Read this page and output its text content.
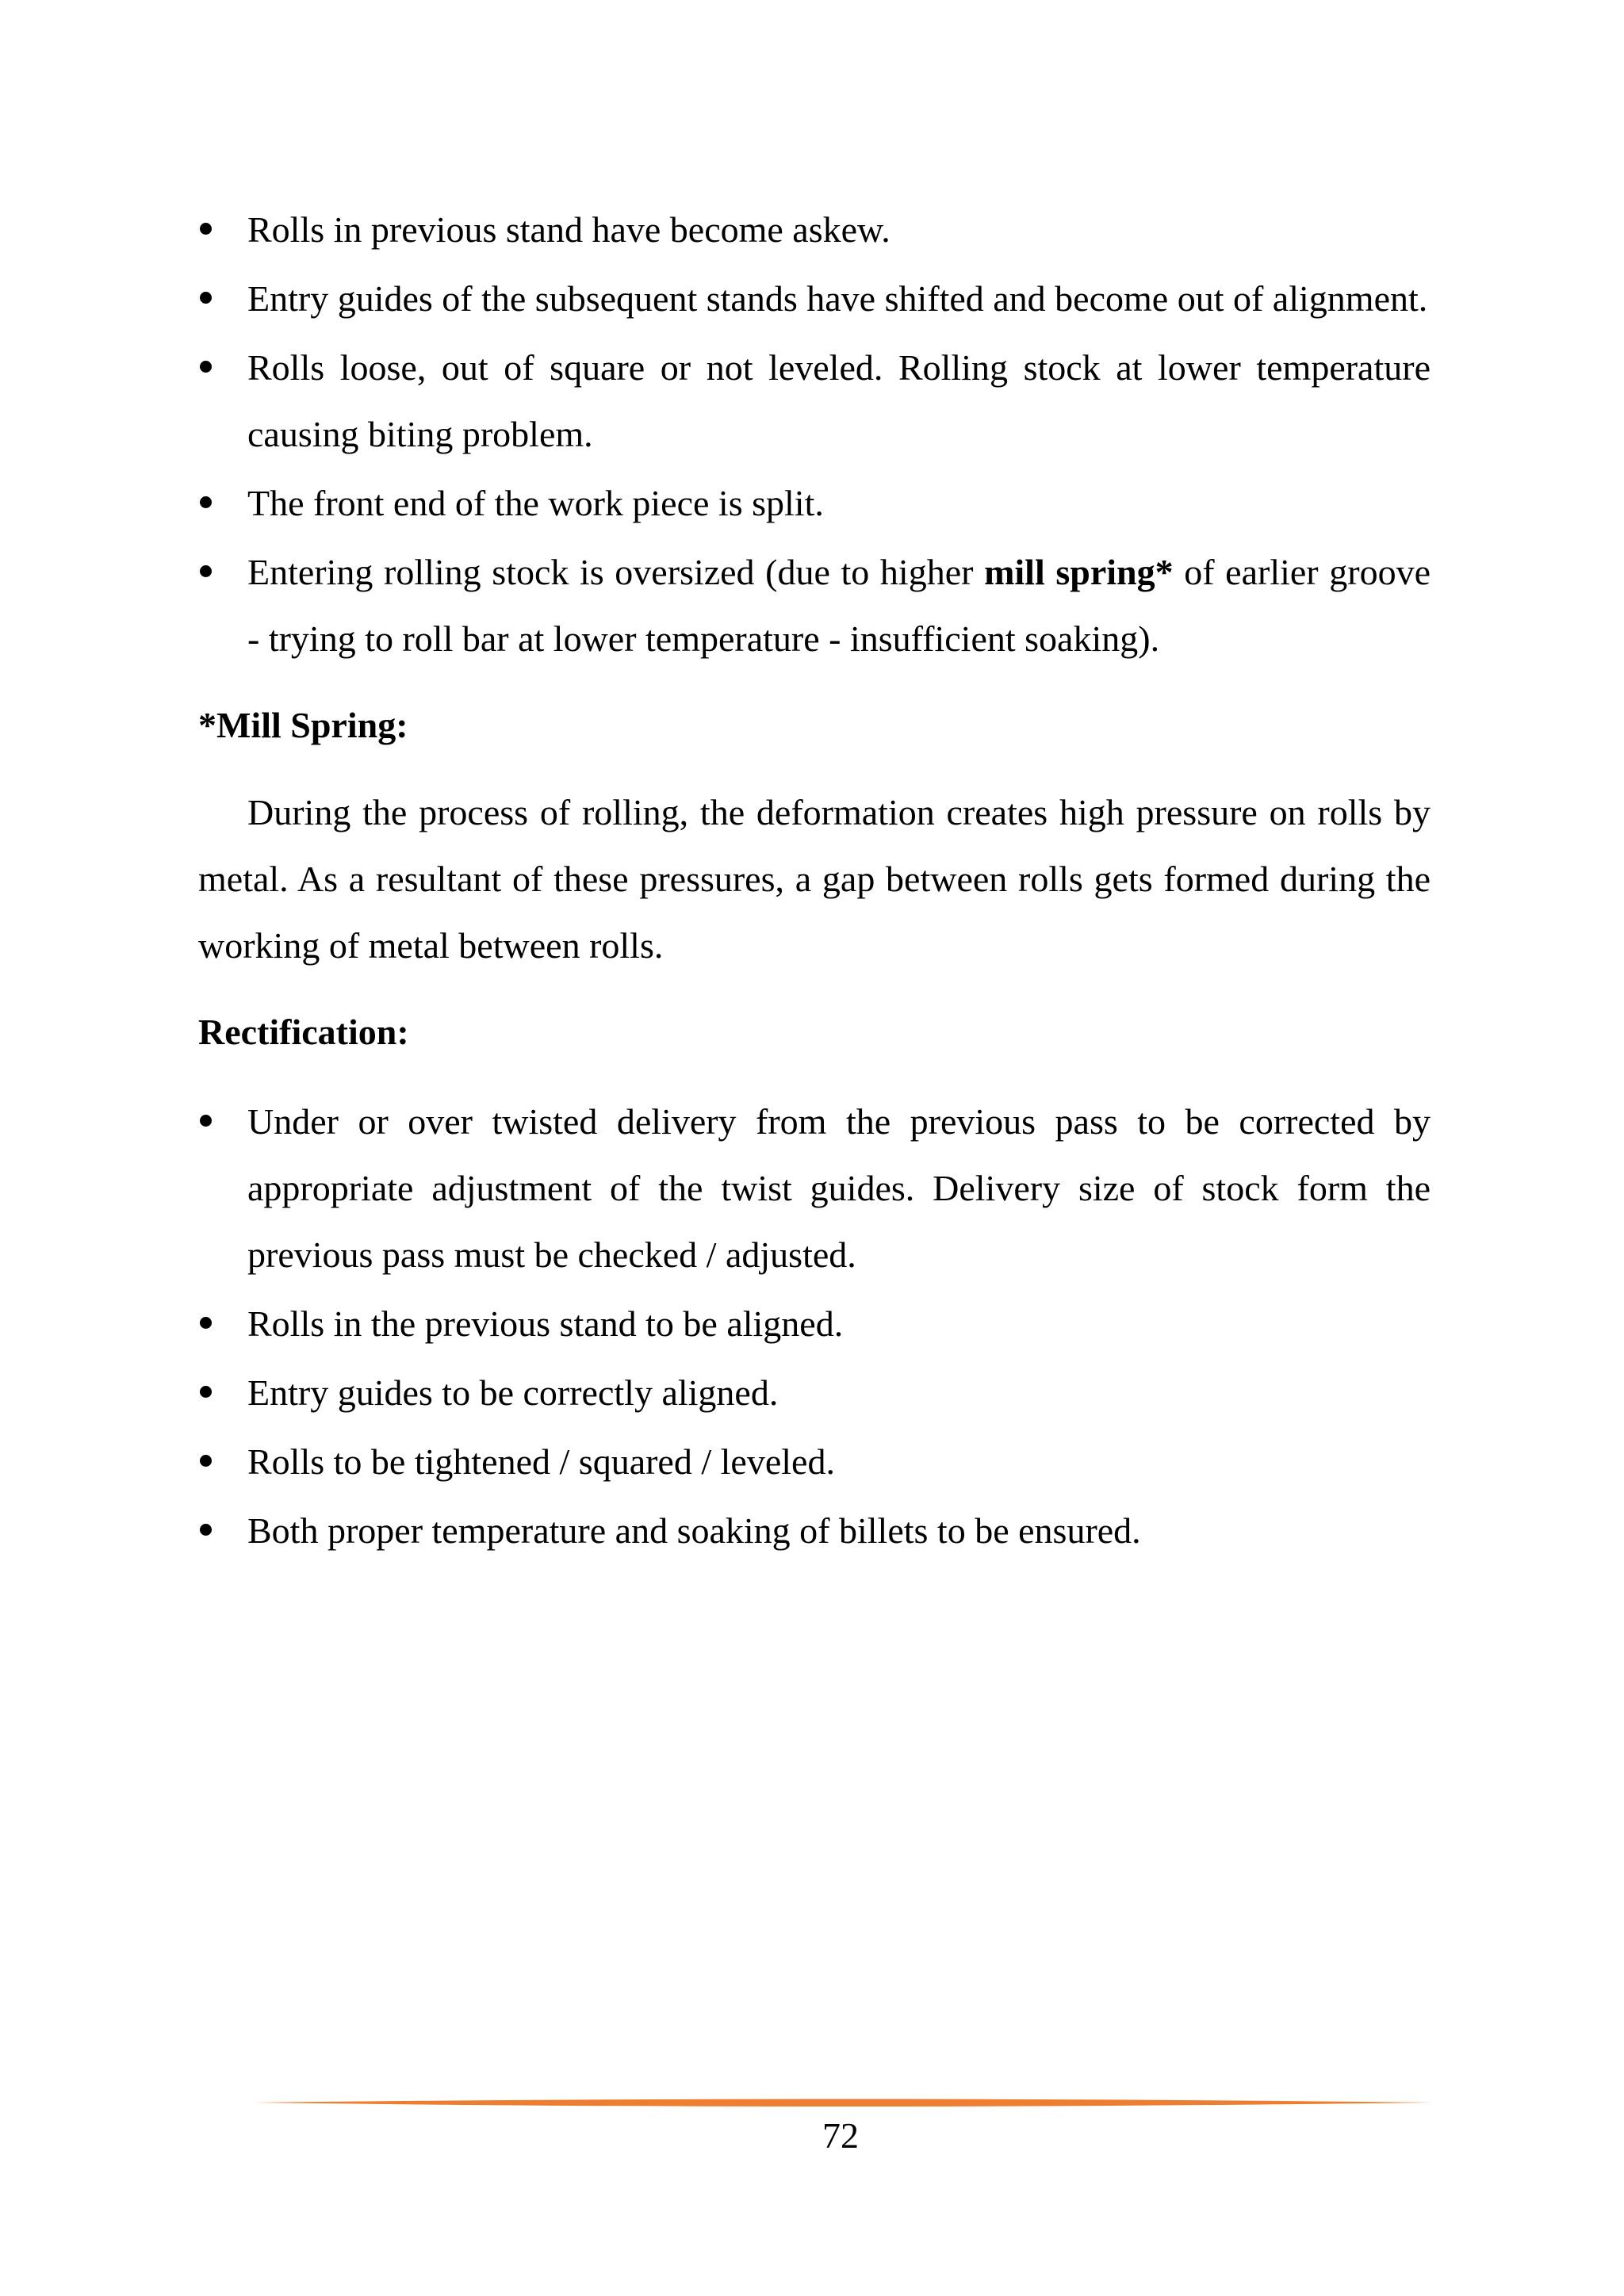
Rolls in previous stand have become askew.
Entry guides of the subsequent stands have shifted and become out of alignment.
Rolls loose, out of square or not leveled. Rolling stock at lower temperature causing biting problem.
The front end of the work piece is split.
Entering rolling stock is oversized (due to higher mill spring* of earlier groove - trying to roll bar at lower temperature - insufficient soaking).

*Mill Spring:

During the process of rolling, the deformation creates high pressure on rolls by metal. As a resultant of these pressures, a gap between rolls gets formed during the working of metal between rolls.

Rectification:

Under or over twisted delivery from the previous pass to be corrected by appropriate adjustment of the twist guides. Delivery size of stock form the previous pass must be checked / adjusted.
Rolls in the previous stand to be aligned.
Entry guides to be correctly aligned.
Rolls to be tightened / squared / leveled.
Both proper temperature and soaking of billets to be ensured.
72
